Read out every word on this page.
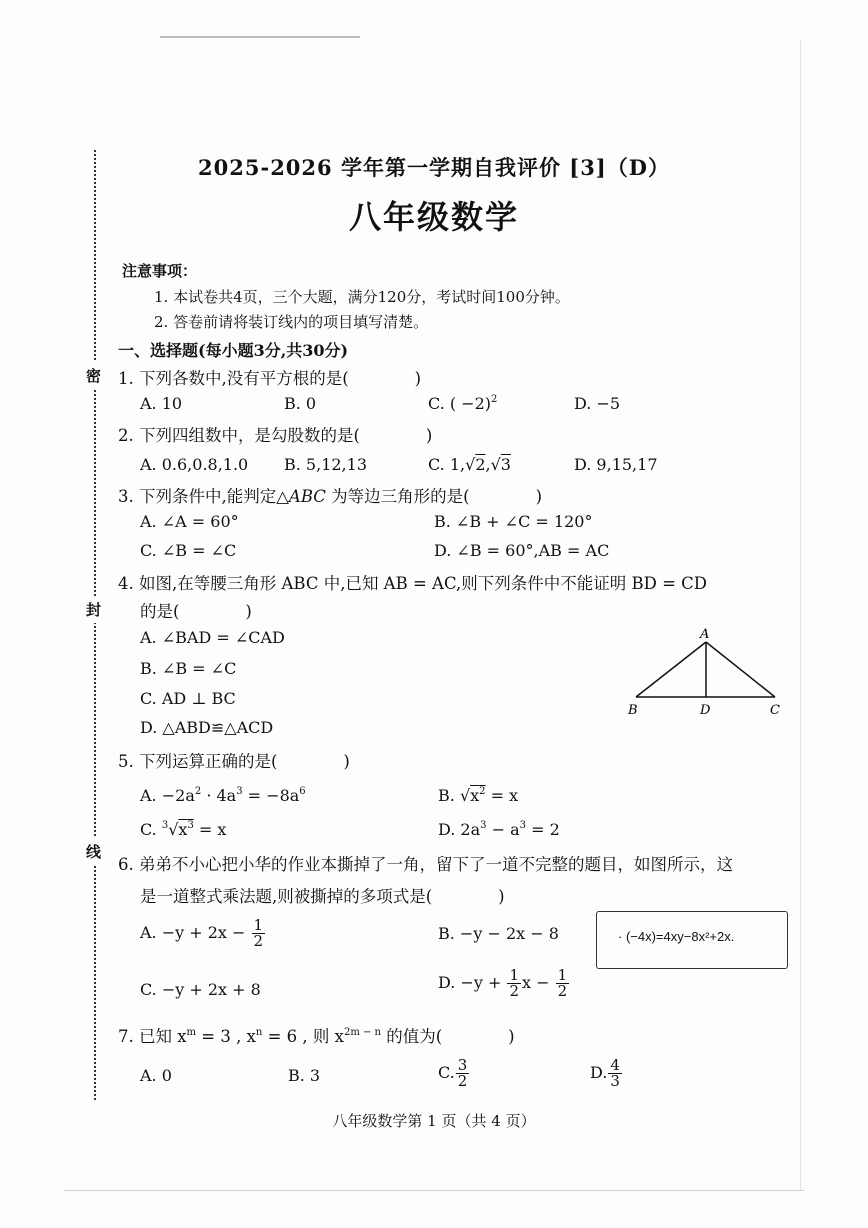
密
封
线
2025-2026 学年第一学期自我评价 [3]（D）
八年级数学
注意事项：
1. 本试卷共4页，三个大题，满分120分，考试时间100分钟。
2. 答卷前请将装订线内的项目填写清楚。
一、选择题(每小题3分,共30分)
1. 下列各数中,没有平方根的是(　　　　)
A. 10	B. 0	C. ( −2)$^2$	D. −5
2. 下列四组数中，是勾股数的是(　　　　)
A. 0.6,0.8,1.0 B. 5,12,13	C. 1,√2,√3	D. 9,15,17
3. 下列条件中,能判定△ABC 为等边三角形的是(　　　　)
A. ∠A = 60°	B. ∠B + ∠C = 120°
C. ∠B = ∠C	D. ∠B = 60°,AB = AC
4. 如图,在等腰三角形 ABC 中,已知 AB = AC,则下列条件中不能证明 BD = CD
的是(　　　　)
A. ∠BAD = ∠CAD
B. ∠B = ∠C
C. AD ⊥ BC
D. △ABD≌△ACD
A
B	D	C
5. 下列运算正确的是(　　　　)
A. $-2a^2 \cdot 4a^3 = -8a^6$	B. $√x^2 = x$
C. $^3√x^3 = x$	D. $2a^3 - a^3 = 2$
6. 弟弟不小心把小华的作业本撕掉了一角，留下了一道不完整的题目，如图所示，这
是一道整式乘法题,则被撕掉的多项式是(　　　　)
A. $-y + 2x - \frac{1}{2}$	B. −y − 2x − 8
C. −y + 2x + 8	D. $-y + \frac{1}{2}$ $x - \frac{1}{2}$
· (−4x)=4xy−8x²+2x.
7. 已知 $x^m = 3$ , $x^n = 6$ , 则 $x^{2m - n}$ 的值为(　　　　)
A. 0	B. 3	C. $\frac{3}{2}$	D. $\frac{4}{3}$
八年级数学第 1 页（共 4 页）
